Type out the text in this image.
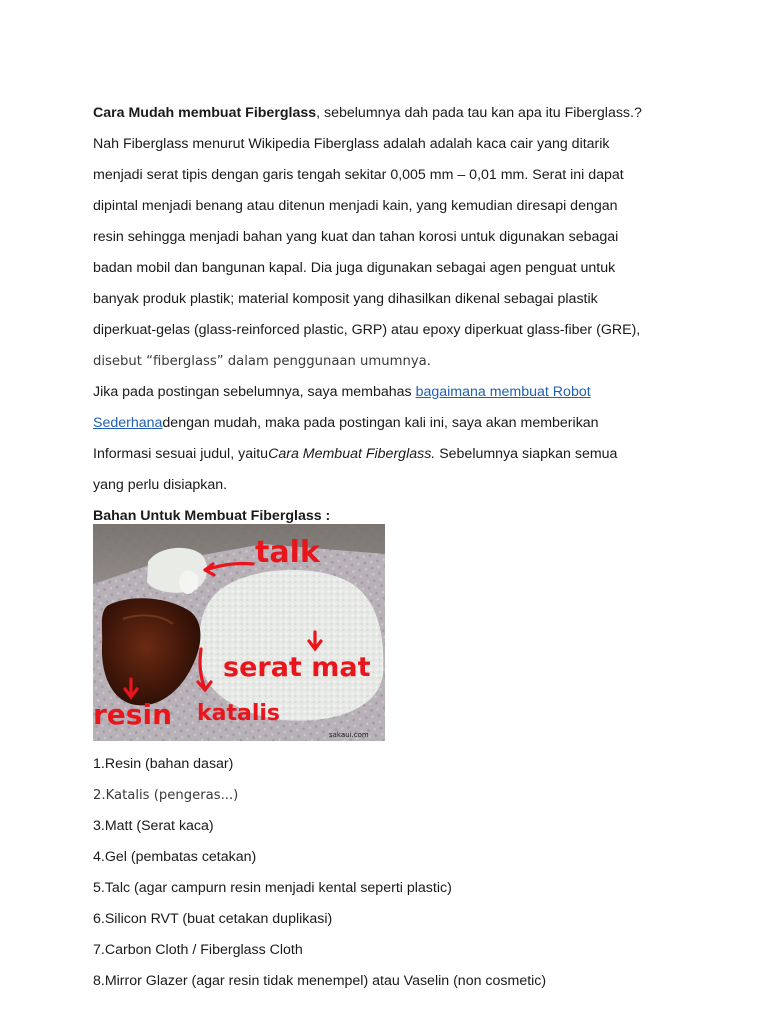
Cara Mudah membuat Fiberglass, sebelumnya dah pada tau kan apa itu Fiberglass.?
Nah Fiberglass menurut Wikipedia Fiberglass adalah adalah kaca cair yang ditarik
menjadi serat tipis dengan garis tengah sekitar 0,005 mm – 0,01 mm. Serat ini dapat
dipintal menjadi benang atau ditenun menjadi kain, yang kemudian diresapi dengan
resin sehingga menjadi bahan yang kuat dan tahan korosi untuk digunakan sebagai
badan mobil dan bangunan kapal. Dia juga digunakan sebagai agen penguat untuk
banyak produk plastik; material komposit yang dihasilkan dikenal sebagai plastik
diperkuat-gelas (glass-reinforced plastic, GRP) atau epoxy diperkuat glass-fiber (GRE),
disebut “fiberglass” dalam penggunaan umumnya.
Jika pada postingan sebelumnya, saya membahas bagaimana membuat Robot
Sederhanadengan mudah, maka pada postingan kali ini, saya akan memberikan
Informasi sesuai judul, yaituCara Membuat Fiberglass. Sebelumnya siapkan semua
yang perlu disiapkan.
Bahan Untuk Membuat Fiberglass :
talk
serat mat
resin katalis
sakaui.com
1.Resin (bahan dasar)
2.Katalis (pengeras...)
3.Matt (Serat kaca)
4.Gel (pembatas cetakan)
5.Talc (agar campurn resin menjadi kental seperti plastic)
6.Silicon RVT (buat cetakan duplikasi)
7.Carbon Cloth / Fiberglass Cloth
8.Mirror Glazer (agar resin tidak menempel) atau Vaselin (non cosmetic)
